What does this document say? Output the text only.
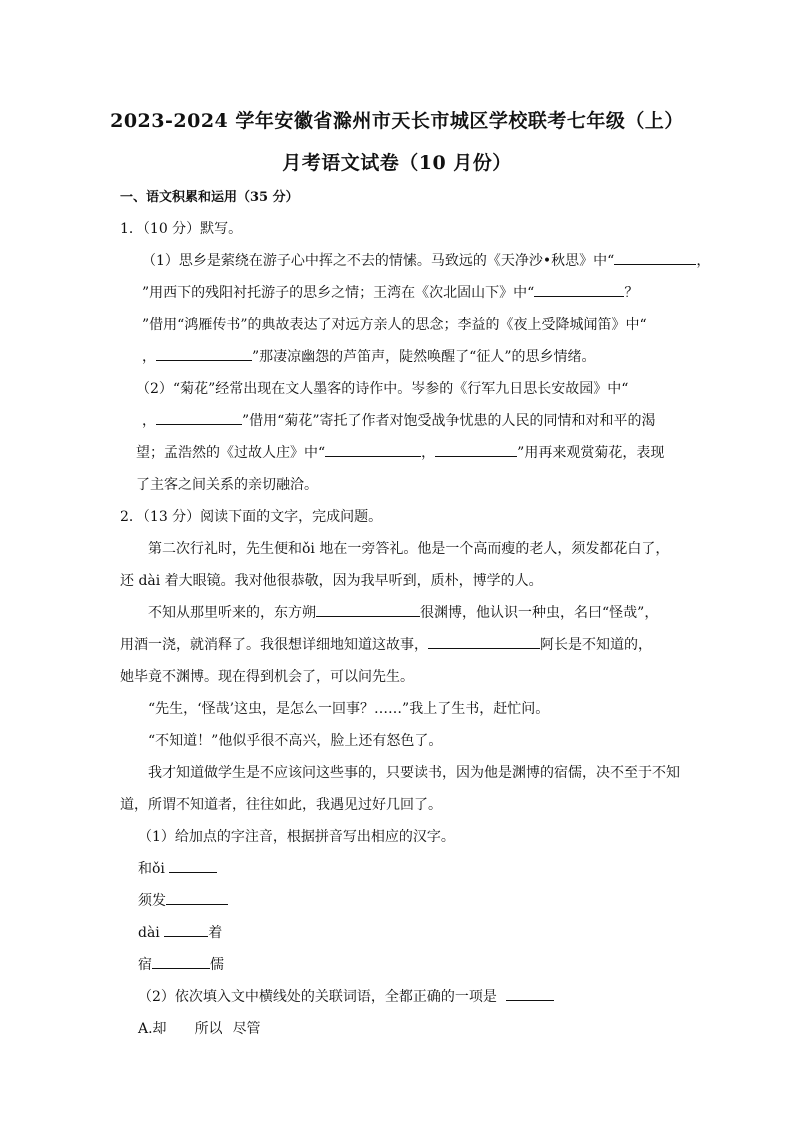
2023-2024 学年安徽省滁州市天长市城区学校联考七年级（上）
月考语文试卷（10 月份）
一、语文积累和运用（35 分）
1．（10 分）默写。
（1）思乡是萦绕在游子心中挥之不去的情愫。马致远的《天净沙•秋思》中“	，
”用西下的残阳衬托游子的思乡之情；王湾在《次北固山下》中“	？
”借用“鸿雁传书”的典故表达了对远方亲人的思念；李益的《夜上受降城闻笛》中“
，	”那凄凉幽怨的芦笛声，陡然唤醒了“征人”的思乡情绪。
（2）“菊花”经常出现在文人墨客的诗作中。岑参的《行军九日思长安故园》中“
，	”借用“菊花”寄托了作者对饱受战争忧患的人民的同情和对和平的渴
望；孟浩然的《过故人庄》中“	，	”用再来观赏菊花，表现
了主客之间关系的亲切融洽。
2．（13 分）阅读下面的文字，完成问题。
第二次行礼时，先生便和ǒi 地在一旁答礼。他是一个高而瘦的老人，须发都花白了，
还 dài 着大眼镜。我对他很恭敬，因为我早听到，质朴，博学的人。
不知从那里听来的，东方朔	很渊博，他认识一种虫，名曰“怪哉”，
用酒一浇，就消释了。我很想详细地知道这故事，	阿长是不知道的，
她毕竟不渊博。现在得到机会了，可以问先生。
“先生，‘怪哉’这虫，是怎么一回事？……”我上了生书，赶忙问。
“不知道！”他似乎很不高兴，脸上还有怒色了。
我才知道做学生是不应该问这些事的，只要读书，因为他是渊博的宿儒，决不至于不知
道，所谓不知道者，往往如此，我遇见过好几回了。
（1）给加点的字注音，根据拼音写出相应的汉字。
和ǒi
须发
dài	着
宿	儒
（2）依次填入文中横线处的关联词语，全都正确的一项是
A.却 所以 尽管
